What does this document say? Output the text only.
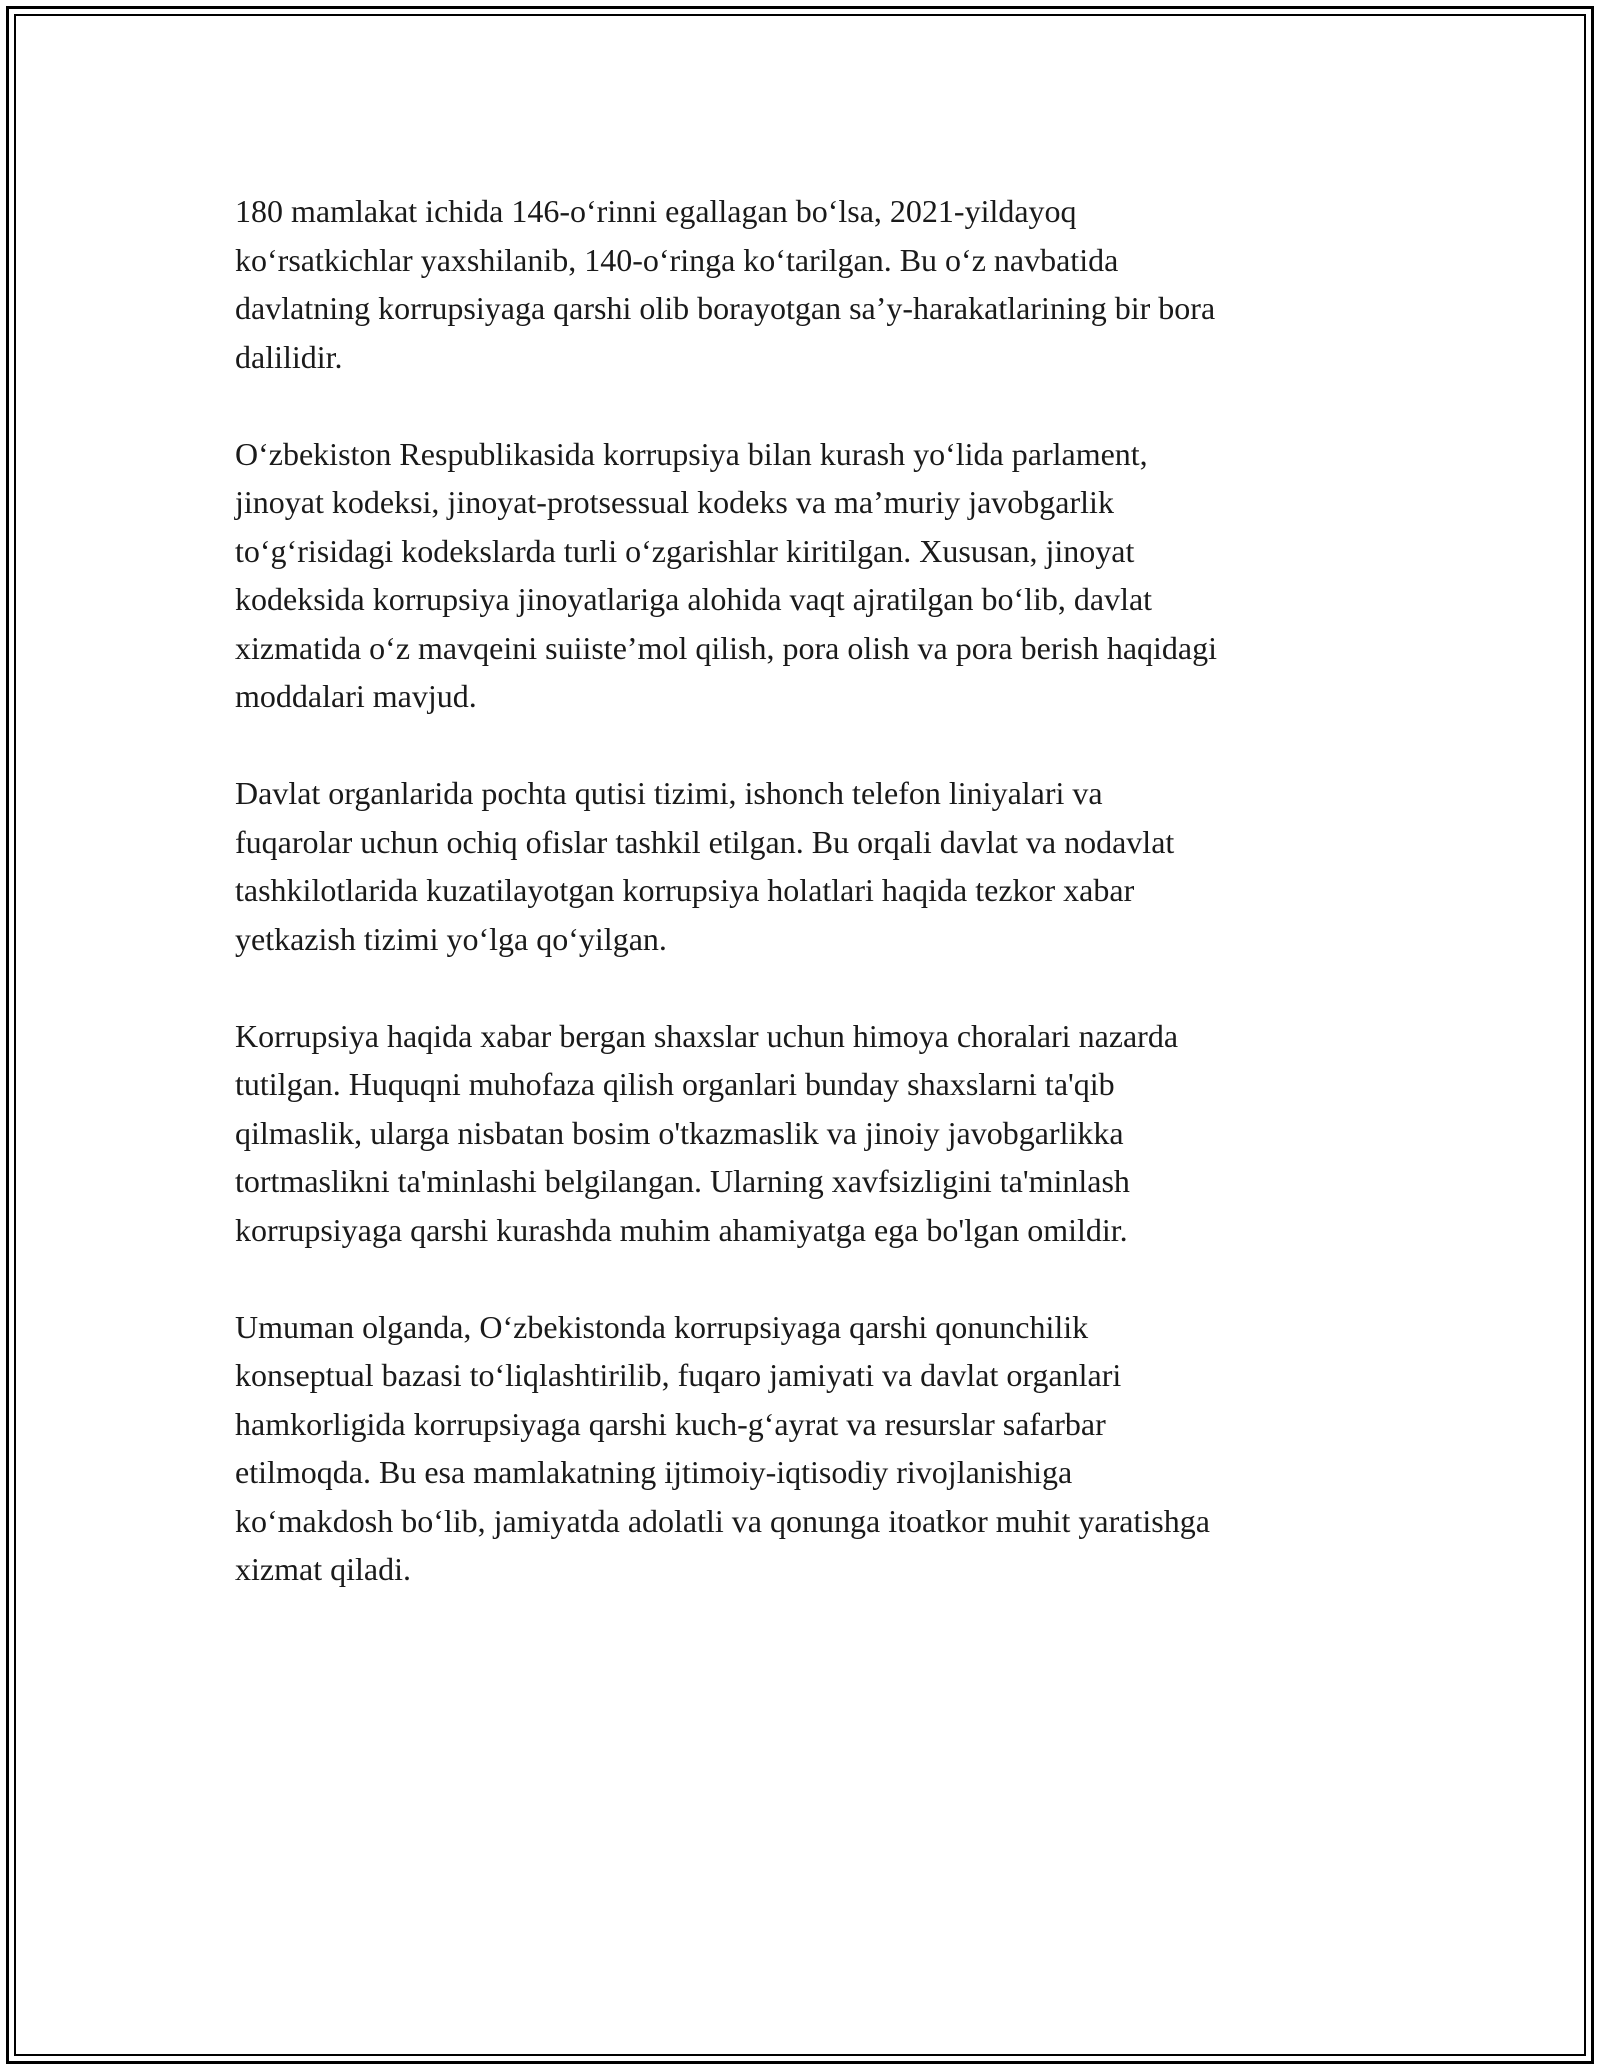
180 mamlakat ichida 146-o‘rinni egallagan bo‘lsa, 2021-yildayoq
ko‘rsatkichlar yaxshilanib, 140-o‘ringa ko‘tarilgan. Bu o‘z navbatida
davlatning korrupsiyaga qarshi olib borayotgan sa’y-harakatlarining bir bora
dalilidir.

O‘zbekiston Respublikasida korrupsiya bilan kurash yo‘lida parlament,
jinoyat kodeksi, jinoyat-protsessual kodeks va ma’muriy javobgarlik
to‘g‘risidagi kodekslarda turli o‘zgarishlar kiritilgan. Xususan, jinoyat
kodeksida korrupsiya jinoyatlariga alohida vaqt ajratilgan bo‘lib, davlat
xizmatida o‘z mavqeini suiiste’mol qilish, pora olish va pora berish haqidagi
moddalari mavjud.

Davlat organlarida pochta qutisi tizimi, ishonch telefon liniyalari va
fuqarolar uchun ochiq ofislar tashkil etilgan. Bu orqali davlat va nodavlat
tashkilotlarida kuzatilayotgan korrupsiya holatlari haqida tezkor xabar
yetkazish tizimi yo‘lga qo‘yilgan.

Korrupsiya haqida xabar bergan shaxslar uchun himoya choralari nazarda
tutilgan. Huquqni muhofaza qilish organlari bunday shaxslarni ta'qib
qilmaslik, ularga nisbatan bosim o'tkazmaslik va jinoiy javobgarlikka
tortmaslikni ta'minlashi belgilangan. Ularning xavfsizligini ta'minlash
korrupsiyaga qarshi kurashda muhim ahamiyatga ega bo'lgan omildir.

Umuman olganda, O‘zbekistonda korrupsiyaga qarshi qonunchilik
konseptual bazasi to‘liqlashtirilib, fuqaro jamiyati va davlat organlari
hamkorligida korrupsiyaga qarshi kuch-g‘ayrat va resurslar safarbar
etilmoqda. Bu esa mamlakatning ijtimoiy-iqtisodiy rivojlanishiga
ko‘makdosh bo‘lib, jamiyatda adolatli va qonunga itoatkor muhit yaratishga
xizmat qiladi.
